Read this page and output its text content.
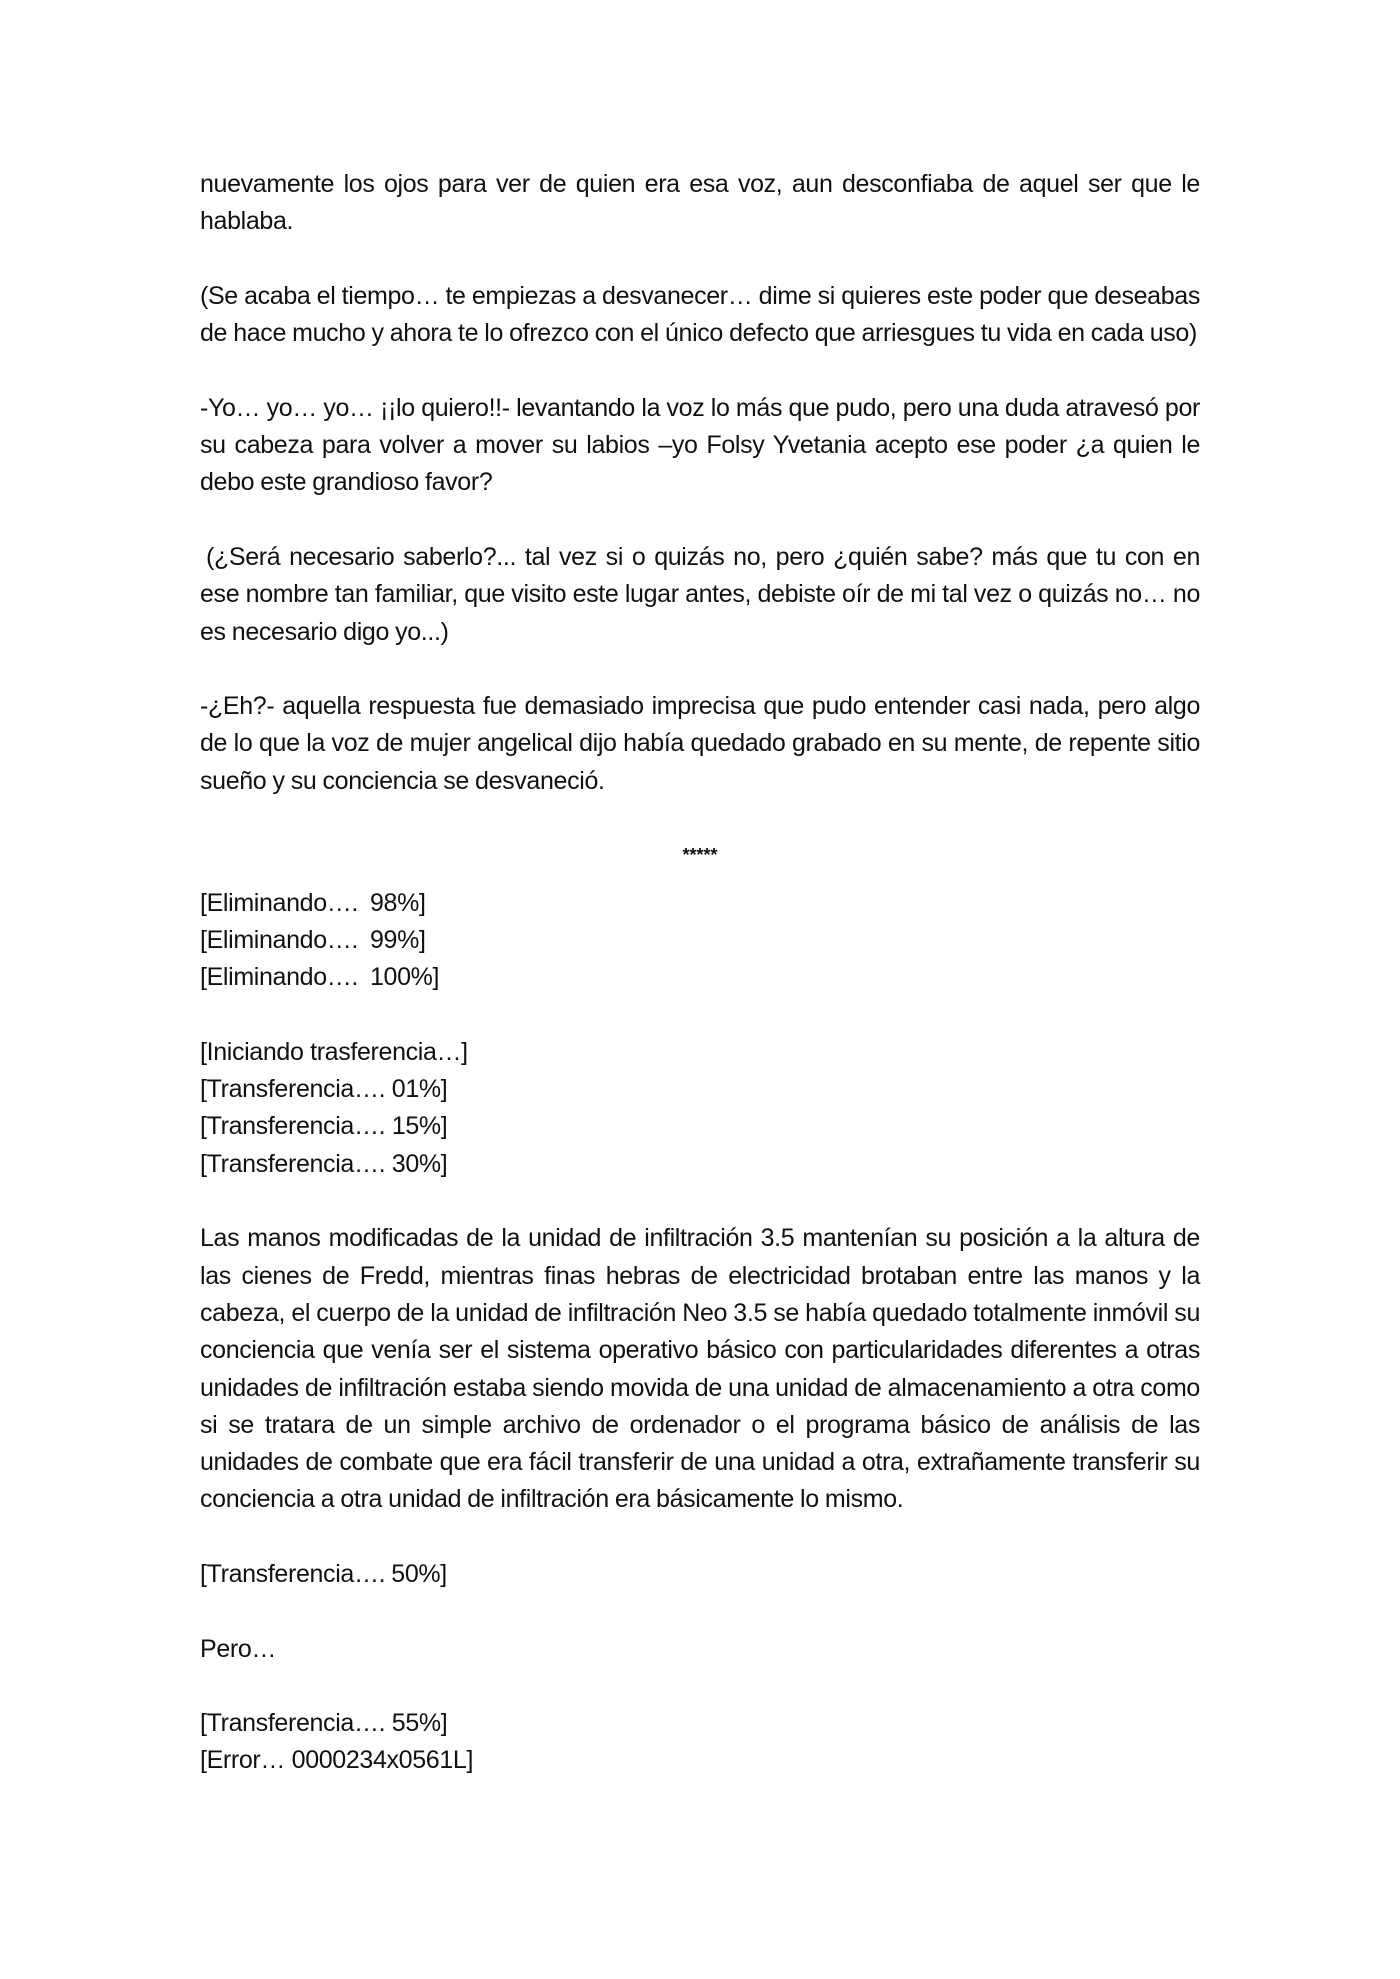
nuevamente los ojos para ver de quien era esa voz, aun desconfiaba de aquel ser que le hablaba.

(Se acaba el tiempo… te empiezas a desvanecer… dime si quieres este poder que deseabas de hace mucho y ahora te lo ofrezco con el único defecto que arriesgues tu vida en cada uso)

-Yo… yo… yo… ¡¡lo quiero!!- levantando la voz lo más que pudo, pero una duda atravesó por su cabeza para volver a mover su labios –yo Folsy Yvetania acepto ese poder ¿a quien le debo este grandioso favor?

(¿Será necesario saberlo?... tal vez si o quizás no, pero ¿quién sabe? más que tu con en ese nombre tan familiar, que visito este lugar antes, debiste oír de mi tal vez o quizás no… no es necesario digo yo...)

-¿Eh?- aquella respuesta fue demasiado imprecisa que pudo entender casi nada, pero algo de lo que la voz de mujer angelical dijo había quedado grabado en su mente, de repente sitio sueño y su conciencia se desvaneció.

*****
[Eliminando…. 98%]
[Eliminando…. 99%]
[Eliminando…. 100%]
[Iniciando trasferencia…]
[Transferencia…. 01%]
[Transferencia…. 15%]
[Transferencia…. 30%]

Las manos modificadas de la unidad de infiltración 3.5 mantenían su posición a la altura de las cienes de Fredd, mientras finas hebras de electricidad brotaban entre las manos y la cabeza, el cuerpo de la unidad de infiltración Neo 3.5 se había quedado totalmente inmóvil su conciencia que venía ser el sistema operativo básico con particularidades diferentes a otras unidades de infiltración estaba siendo movida de una unidad de almacenamiento a otra como si se tratara de un simple archivo de ordenador o el programa básico de análisis de las unidades de combate que era fácil transferir de una unidad a otra, extrañamente transferir su conciencia a otra unidad de infiltración era básicamente lo mismo.

[Transferencia…. 50%]

Pero…

[Transferencia…. 55%]
[Error… 0000234x0561L]
